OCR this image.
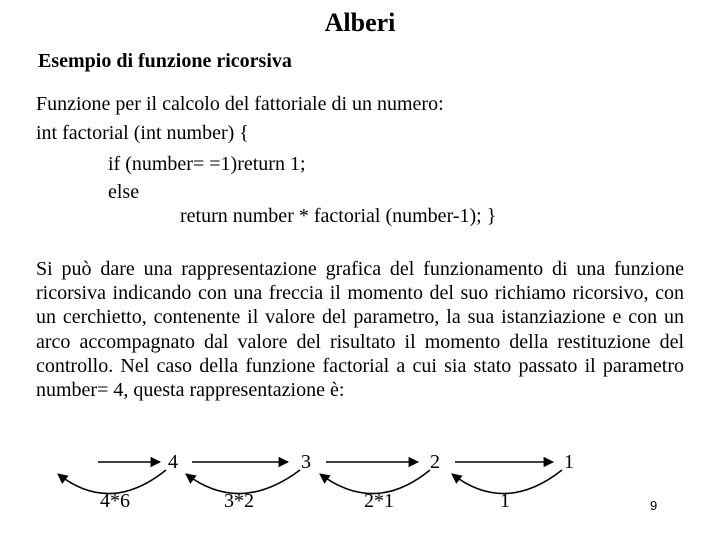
Alberi
Esempio di funzione ricorsiva
Funzione per il calcolo del fattoriale di un numero:
int factorial (int number) {
if (number= =1)return 1;
else
return number * factorial (number-1); }

Si può dare una rappresentazione grafica del funzionamento di una funzione ricorsiva indicando con una freccia il momento del suo richiamo ricorsivo, con un cerchietto, contenente il valore del parametro, la sua istanziazione e con un arco accompagnato dal valore del risultato il momento della restituzione del controllo. Nel caso della funzione factorial a cui sia stato passato il parametro number= 4, questa rappresentazione è:

4	3	2	1
4*6	3*2	2*1	1	9
